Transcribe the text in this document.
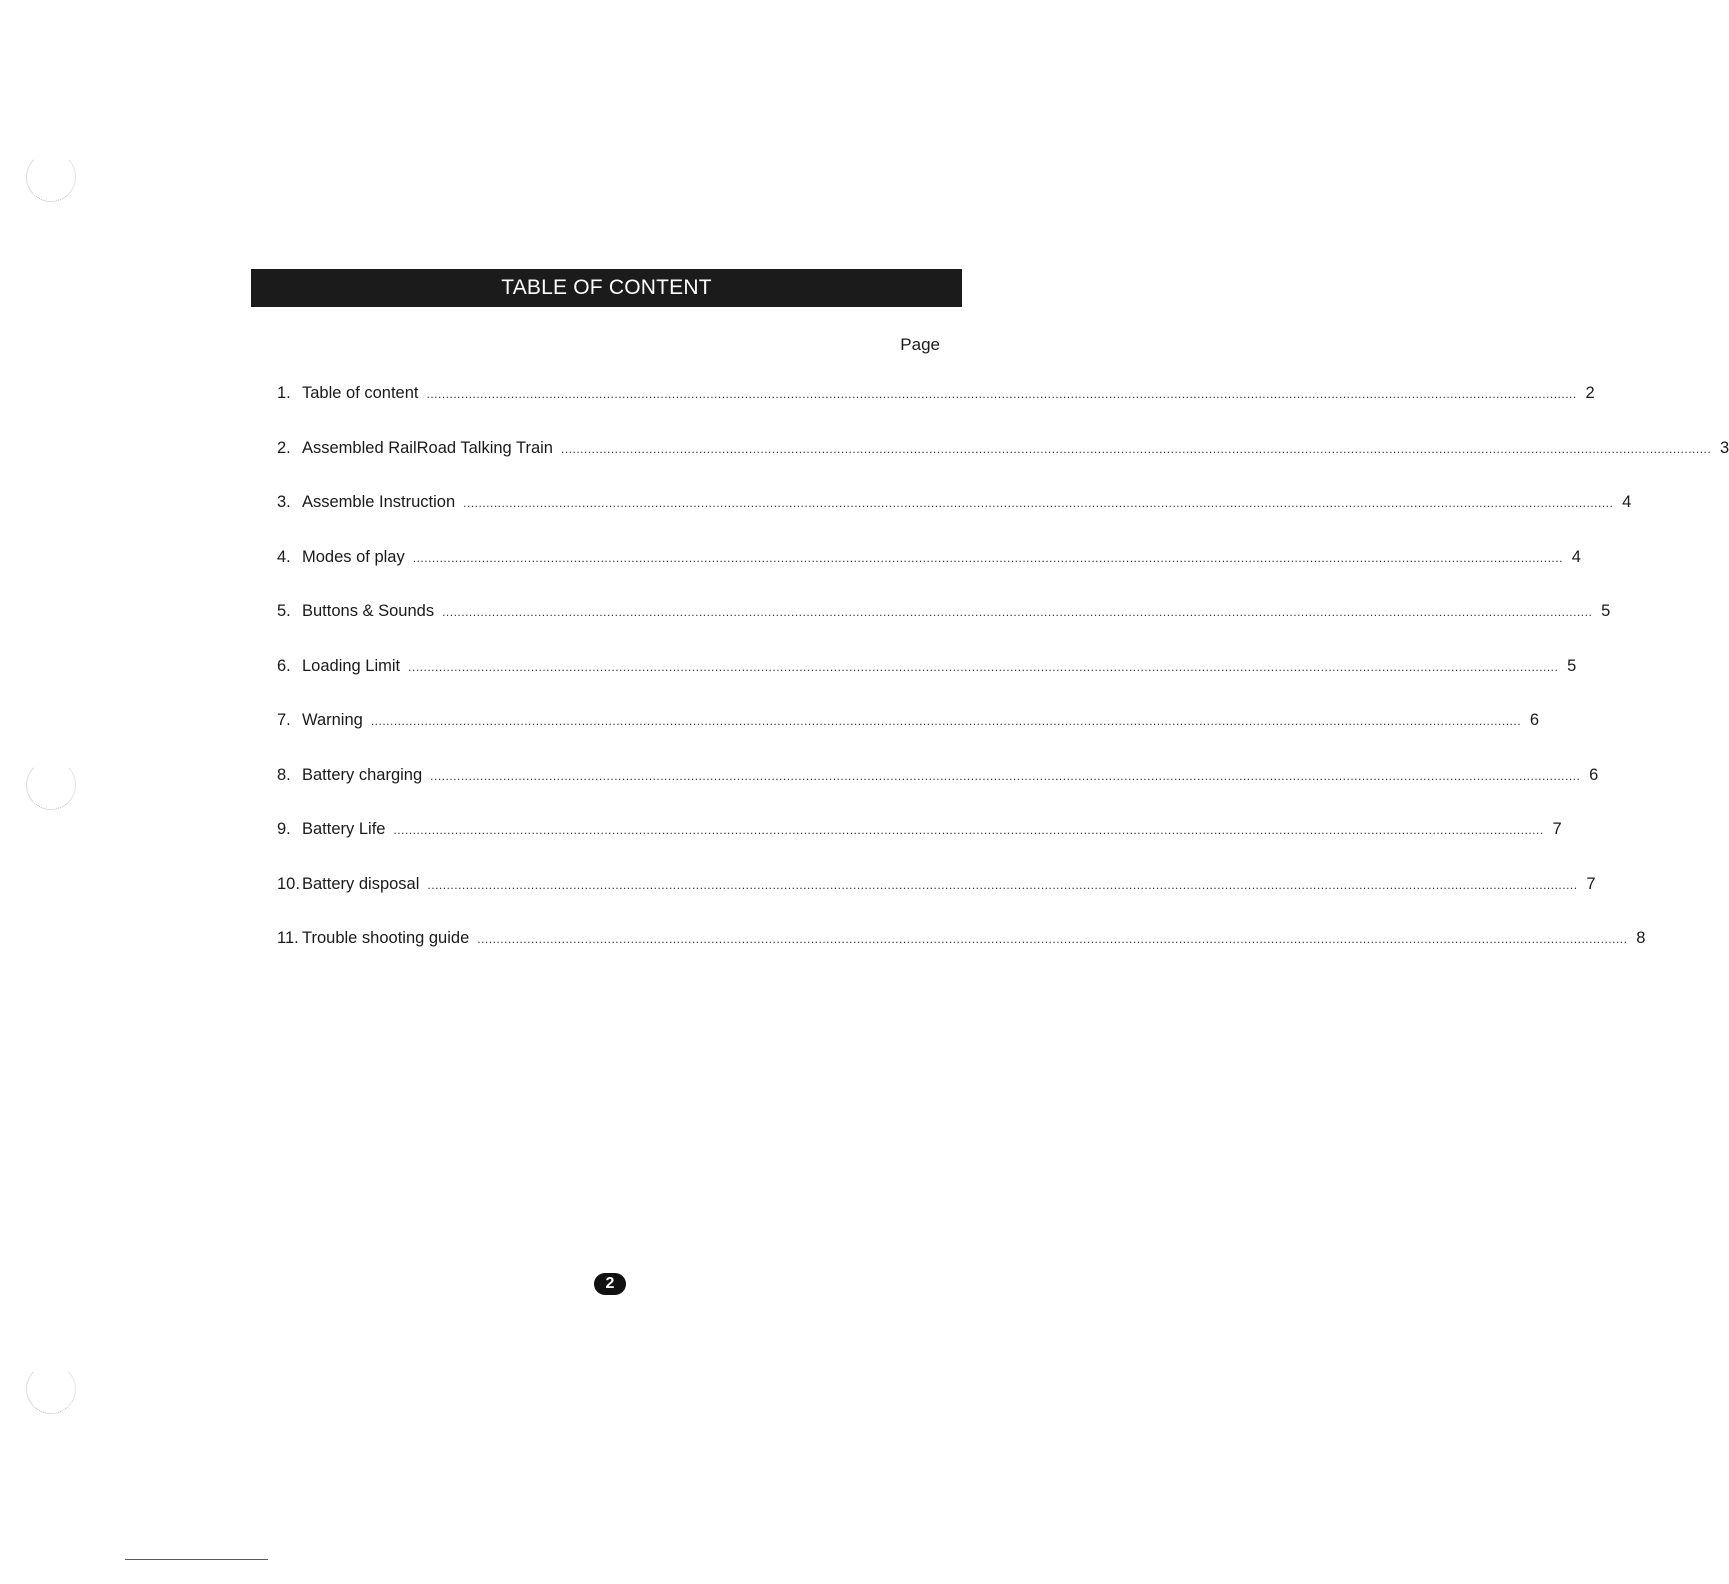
TABLE OF CONTENT
Page
1. Table of content ............................................................................................................................................................................................................................................................................................................ 2
2. Assembled RailRoad Talking Train ............................................................................................................................................................................................................................................................................................................ 3
3. Assemble Instruction ............................................................................................................................................................................................................................................................................................................ 4
4. Modes of play ............................................................................................................................................................................................................................................................................................................ 4
5. Buttons & Sounds ............................................................................................................................................................................................................................................................................................................ 5
6. Loading Limit ............................................................................................................................................................................................................................................................................................................ 5
7. Warning ............................................................................................................................................................................................................................................................................................................ 6
8. Battery charging ............................................................................................................................................................................................................................................................................................................ 6
9. Battery Life ............................................................................................................................................................................................................................................................................................................ 7
10. Battery disposal ............................................................................................................................................................................................................................................................................................................ 7
11. Trouble shooting guide ............................................................................................................................................................................................................................................................................................................ 8
2
